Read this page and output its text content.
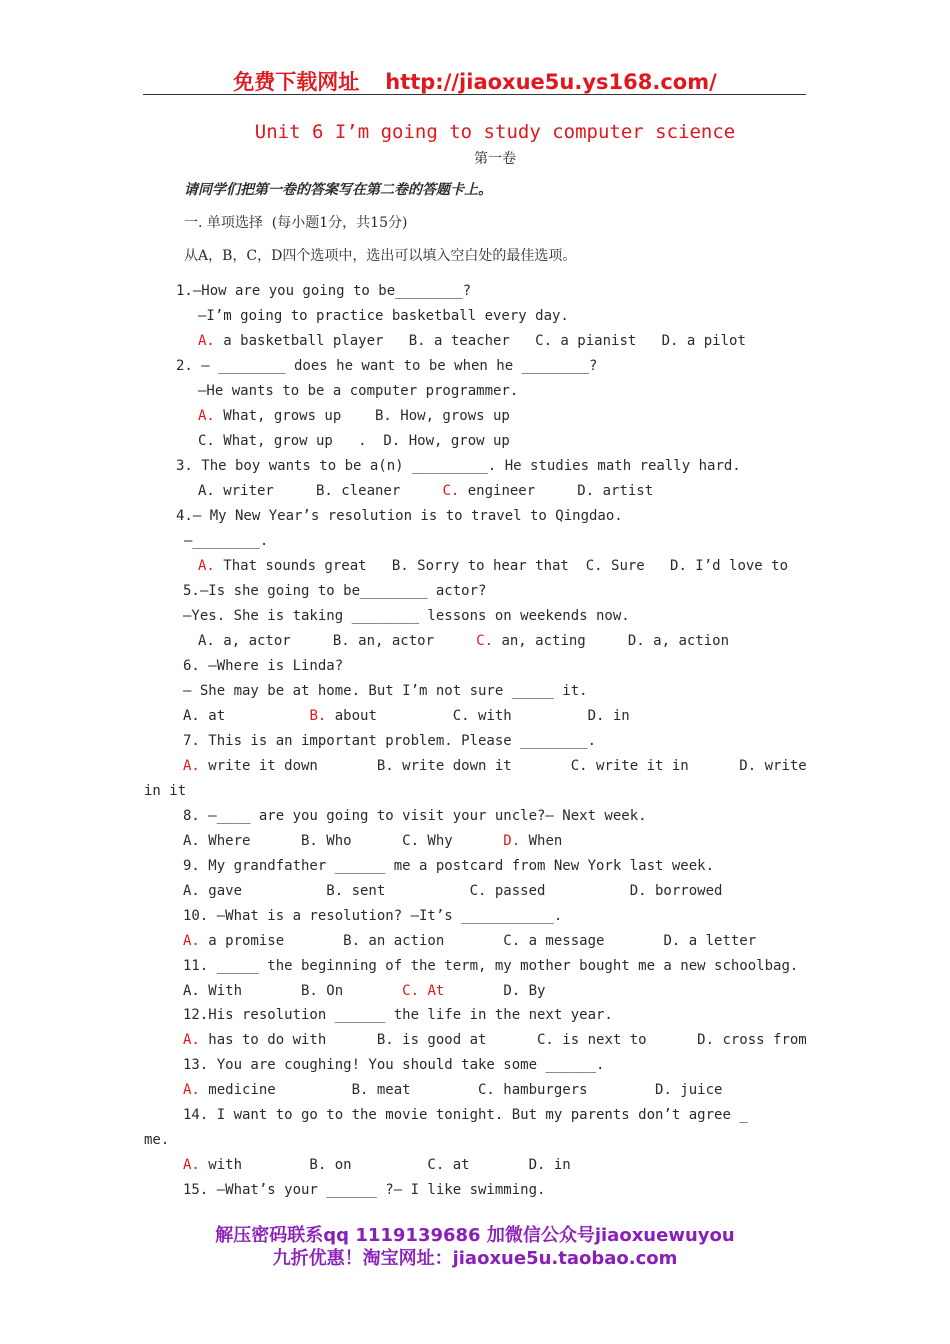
免费下载网址 http://jiaoxue5u.ys168.com/
Unit 6 I’m going to study computer science
第一卷
请同学们把第一卷的答案写在第二卷的答题卡上。
一. 单项选择  (每小题1分，共15分)
从A，B，C，D四个选项中，选出可以填入空白处的最佳选项。
1.—How are you going to be________?
—I’m going to practice basketball every day.
A. a basketball player   B. a teacher   C. a pianist   D. a pilot
2. — ________ does he want to be when he ________?
—He wants to be a computer programmer.
A. What, grows up    B. How, grows up
C. What, grow up   .  D. How, grow up
3. The boy wants to be a(n) _________. He studies math really hard.
A. writer     B. cleaner     C. engineer     D. artist
4.— My New Year’s resolution is to travel to Qingdao.
—________.
A. That sounds great   B. Sorry to hear that  C. Sure   D. I’d love to
5.—Is she going to be________ actor?
—Yes. She is taking ________ lessons on weekends now.
A. a, actor     B. an, actor     C. an, acting     D. a, action
6. —Where is Linda?
— She may be at home. But I’m not sure _____ it.
A. at          B. about         C. with         D. in
7. This is an important problem. Please ________.
A. write it down       B. write down it       C. write it in      D. write
in it
8. —____ are you going to visit your uncle?— Next week.
A. Where      B. Who      C. Why      D. When
9. My grandfather ______ me a postcard from New York last week.
A. gave          B. sent          C. passed          D. borrowed
10. —What is a resolution? —It’s ___________.
A. a promise       B. an action       C. a message       D. a letter
11. _____ the beginning of the term, my mother bought me a new schoolbag.
A. With       B. On       C. At       D. By
12.His resolution ______ the life in the next year.
A. has to do with      B. is good at      C. is next to      D. cross from
13. You are coughing! You should take some ______.
A. medicine         B. meat        C. hamburgers        D. juice
14. I want to go to the movie tonight. But my parents don’t agree _
me.
A. with        B. on         C. at       D. in
15. —What’s your ______ ?— I like swimming.
解压密码联系qq 1119139686 加微信公众号jiaoxuewuyou
九折优惠！淘宝网址：jiaoxue5u.taobao.com
